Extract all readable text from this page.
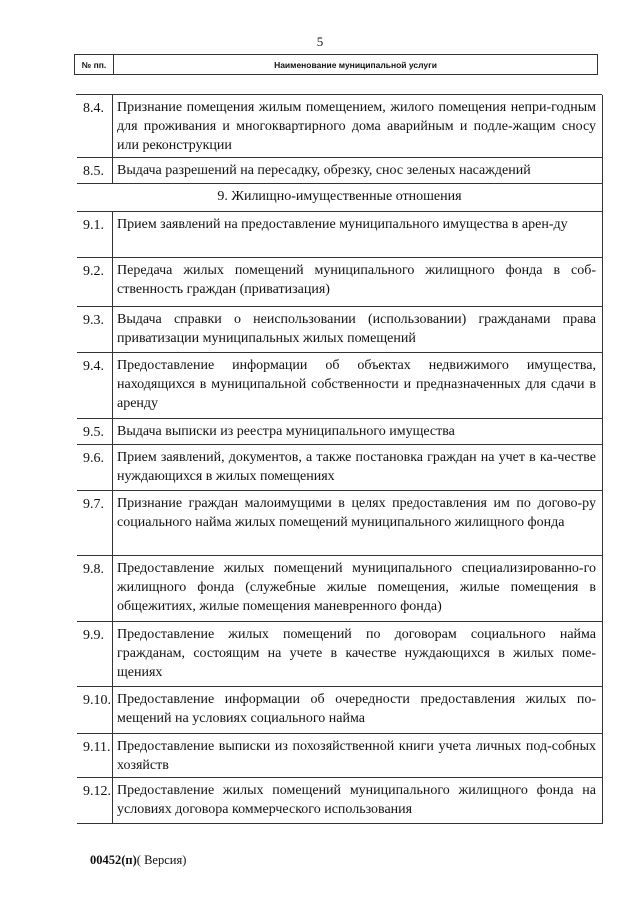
5
№ пп.	Наименование муниципальной услуги
8.4. Признание помещения жилым помещением, жилого помещения непри-годным для проживания и многоквартирного дома аварийным и подле-жащим сносу или реконструкции
8.5. Выдача разрешений на пересадку, обрезку, снос зеленых насаждений
9. Жилищно-имущественные отношения
9.1. Прием заявлений на предоставление муниципального имущества в арен-ду
9.2. Передача жилых помещений муниципального жилищного фонда в соб-ственность граждан (приватизация)
9.3. Выдача справки о неиспользовании (использовании) гражданами права приватизации муниципальных жилых помещений
9.4. Предоставление информации об объектах недвижимого имущества, находящихся в муниципальной собственности и предназначенных для сдачи в аренду
9.5. Выдача выписки из реестра муниципального имущества
9.6. Прием заявлений, документов, а также постановка граждан на учет в ка-честве нуждающихся в жилых помещениях
9.7. Признание граждан малоимущими в целях предоставления им по догово-ру социального найма жилых помещений муниципального жилищного фонда
9.8. Предоставление жилых помещений муниципального специализированно-го жилищного фонда (служебные жилые помещения, жилые помещения в общежитиях, жилые помещения маневренного фонда)
9.9. Предоставление жилых помещений по договорам социального найма гражданам, состоящим на учете в качестве нуждающихся в жилых поме-щениях
9.10. Предоставление информации об очередности предоставления жилых по-мещений на условиях социального найма
9.11. Предоставление выписки из похозяйственной книги учета личных под-собных хозяйств
9.12. Предоставление жилых помещений муниципального жилищного фонда на условиях договора коммерческого использования
00452(п)( Версия)
